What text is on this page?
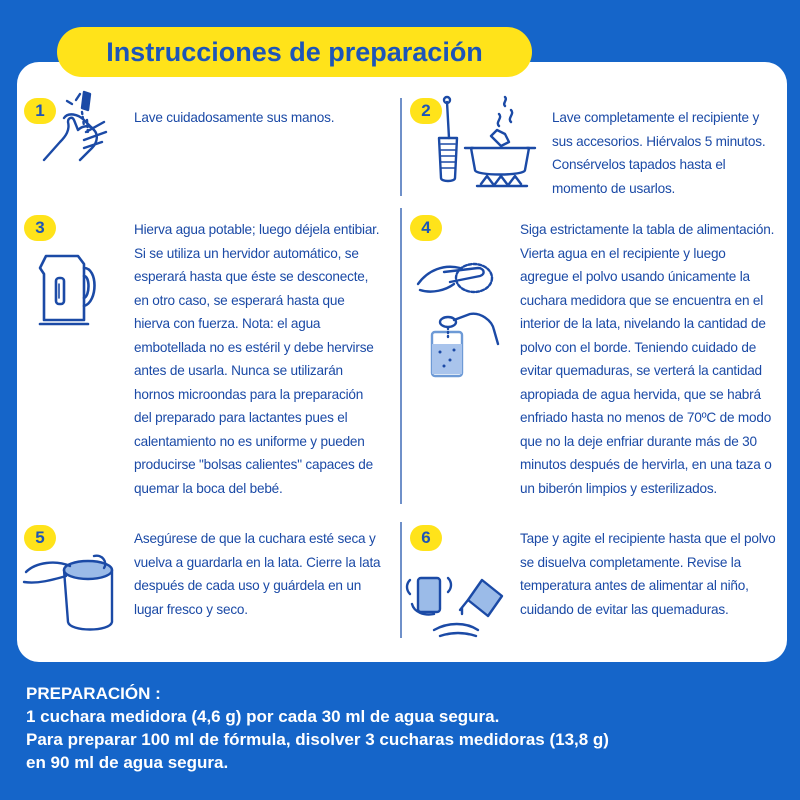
Instrucciones de preparación
1	Lave cuidadosamente sus manos.	2	Lave completamente el recipiente y sus accesorios. Hiérvalos 5 minutos. Consérvelos tapados hasta el momento de usarlos.
3	Hierva agua potable; luego déjela entibiar. Si se utiliza un hervidor automático, se esperará hasta que éste se desconecte, en otro caso, se esperará hasta que hierva con fuerza. Nota: el agua embotellada no es estéril y debe hervirse antes de usarla. Nunca se utilizarán hornos microondas para la preparación del preparado para lactantes pues el calentamiento no es uniforme y pueden producirse "bolsas calientes" capaces de quemar la boca del bebé.
4	Siga estrictamente la tabla de alimentación. Vierta agua en el recipiente y luego agregue el polvo usando únicamente la cuchara medidora que se encuentra en el interior de la lata, nivelando la cantidad de polvo con el borde. Teniendo cuidado de evitar quemaduras, se verterá la cantidad apropiada de agua hervida, que se habrá enfriado hasta no menos de 70ºC de modo que no la deje enfriar durante más de 30 minutos después de hervirla, en una taza o un biberón limpios y esterilizados.
5	Asegúrese de que la cuchara esté seca y vuelva a guardarla en la lata. Cierre la lata después de cada uso y guárdela en un lugar fresco y seco.
6	Tape y agite el recipiente hasta que el polvo se disuelva completamente. Revise la temperatura antes de alimentar al niño, cuidando de evitar las quemaduras.
PREPARACIÓN :
1 cuchara medidora (4,6 g) por cada 30 ml de agua segura.
Para preparar 100 ml de fórmula, disolver 3 cucharas medidoras (13,8 g)
en 90 ml de agua segura.
